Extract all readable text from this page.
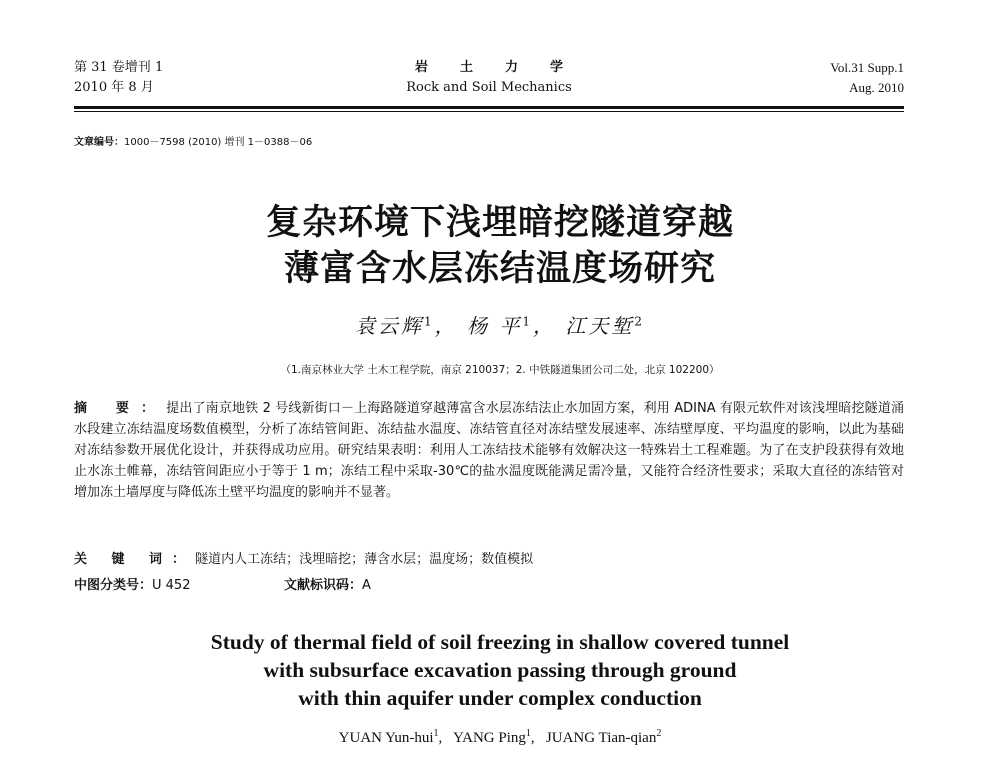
第 31 卷增刊 1
2010 年 8 月
岩土力学
Rock and Soil Mechanics
Vol.31 Supp.1
Aug. 2010
文章编号：1000－7598 (2010) 增刊 1－0388－06
复杂环境下浅埋暗挖隧道穿越
薄富含水层冻结温度场研究
袁云辉$^1$， 杨 平$^1$， 江天堑$^2$
（1.南京林业大学 土木工程学院，南京 210037；2. 中铁隧道集团公司二处，北京 102200）
摘 要：提出了南京地铁 2 号线新街口－上海路隧道穿越薄富含水层冻结法止水加固方案，利用 ADINA 有限元软件对该浅埋暗挖隧道涌水段建立冻结温度场数值模型，分析了冻结管间距、冻结盐水温度、冻结管直径对冻结壁发展速率、冻结壁厚度、平均温度的影响，以此为基础对冻结参数开展优化设计，并获得成功应用。研究结果表明：利用人工冻结技术能够有效解决这一特殊岩土工程难题。为了在支护段获得有效地止水冻土帷幕，冻结管间距应小于等于 1 m；冻结工程中采取-30℃的盐水温度既能满足需冷量，又能符合经济性要求；采取大直径的冻结管对增加冻土墙厚度与降低冻土壁平均温度的影响并不显著。
关 键 词：隧道内人工冻结；浅埋暗挖；薄含水层；温度场；数值模拟
中图分类号：U 452	文献标识码：A
Study of thermal field of soil freezing in shallow covered tunnel
with subsurface excavation passing through ground
with thin aquifer under complex conduction
YUAN Yun-hui$^1$,   YANG Ping$^1$,   JUANG Tian-qian$^2$
